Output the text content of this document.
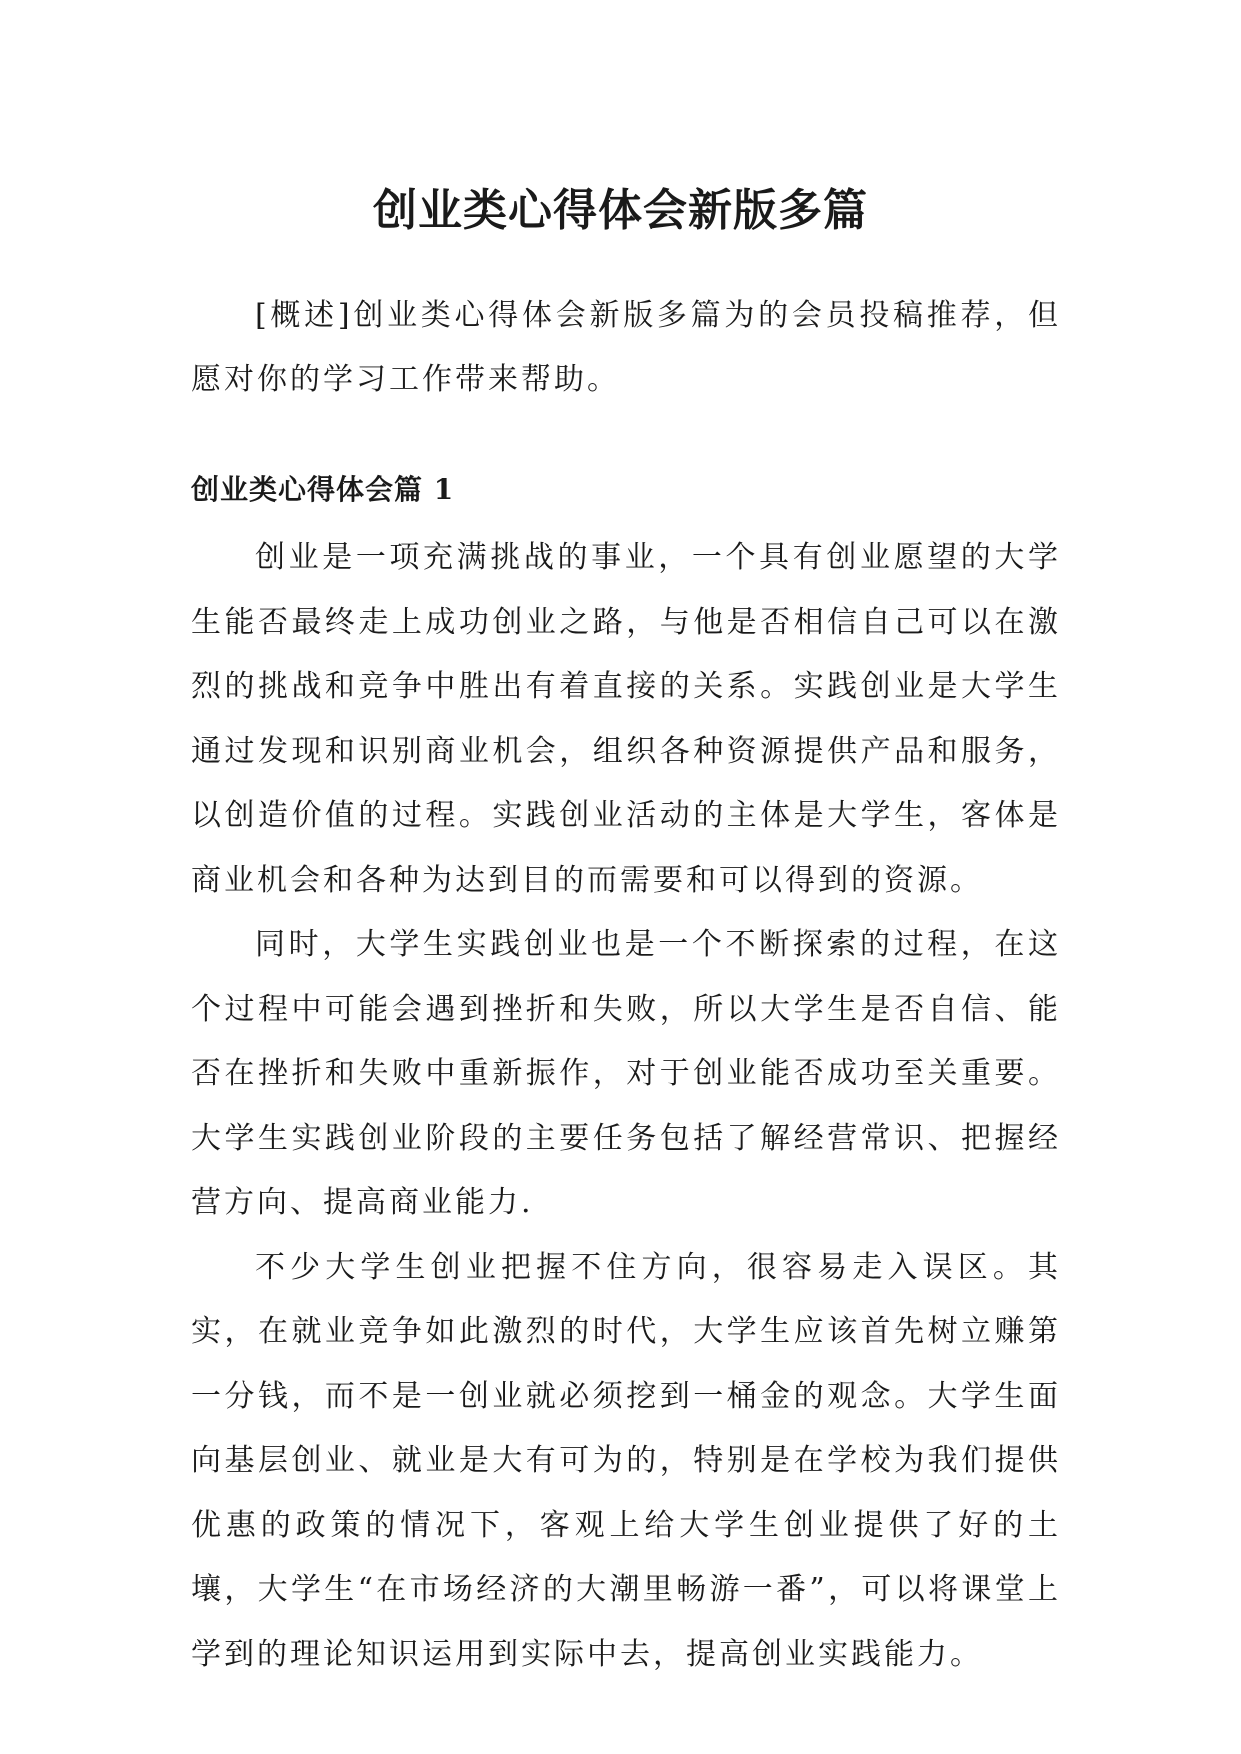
创业类心得体会新版多篇

[概述]创业类心得体会新版多篇为的会员投稿推荐，但愿对你的学习工作带来帮助。

创业类心得体会篇 1

创业是一项充满挑战的事业，一个具有创业愿望的大学生能否最终走上成功创业之路，与他是否相信自己可以在激烈的挑战和竞争中胜出有着直接的关系。实践创业是大学生通过发现和识别商业机会，组织各种资源提供产品和服务，以创造价值的过程。实践创业活动的主体是大学生，客体是商业机会和各种为达到目的而需要和可以得到的资源。

同时，大学生实践创业也是一个不断探索的过程，在这个过程中可能会遇到挫折和失败，所以大学生是否自信、能否在挫折和失败中重新振作，对于创业能否成功至关重要。大学生实践创业阶段的主要任务包括了解经营常识、把握经营方向、提高商业能力.

不少大学生创业把握不住方向，很容易走入误区。其实，在就业竞争如此激烈的时代，大学生应该首先树立赚第一分钱，而不是一创业就必须挖到一桶金的观念。大学生面向基层创业、就业是大有可为的，特别是在学校为我们提供优惠的政策的情况下，客观上给大学生创业提供了好的土壤，大学生“在市场经济的大潮里畅游一番”，可以将课堂上学到的理论知识运用到实际中去，提高创业实践能力。
